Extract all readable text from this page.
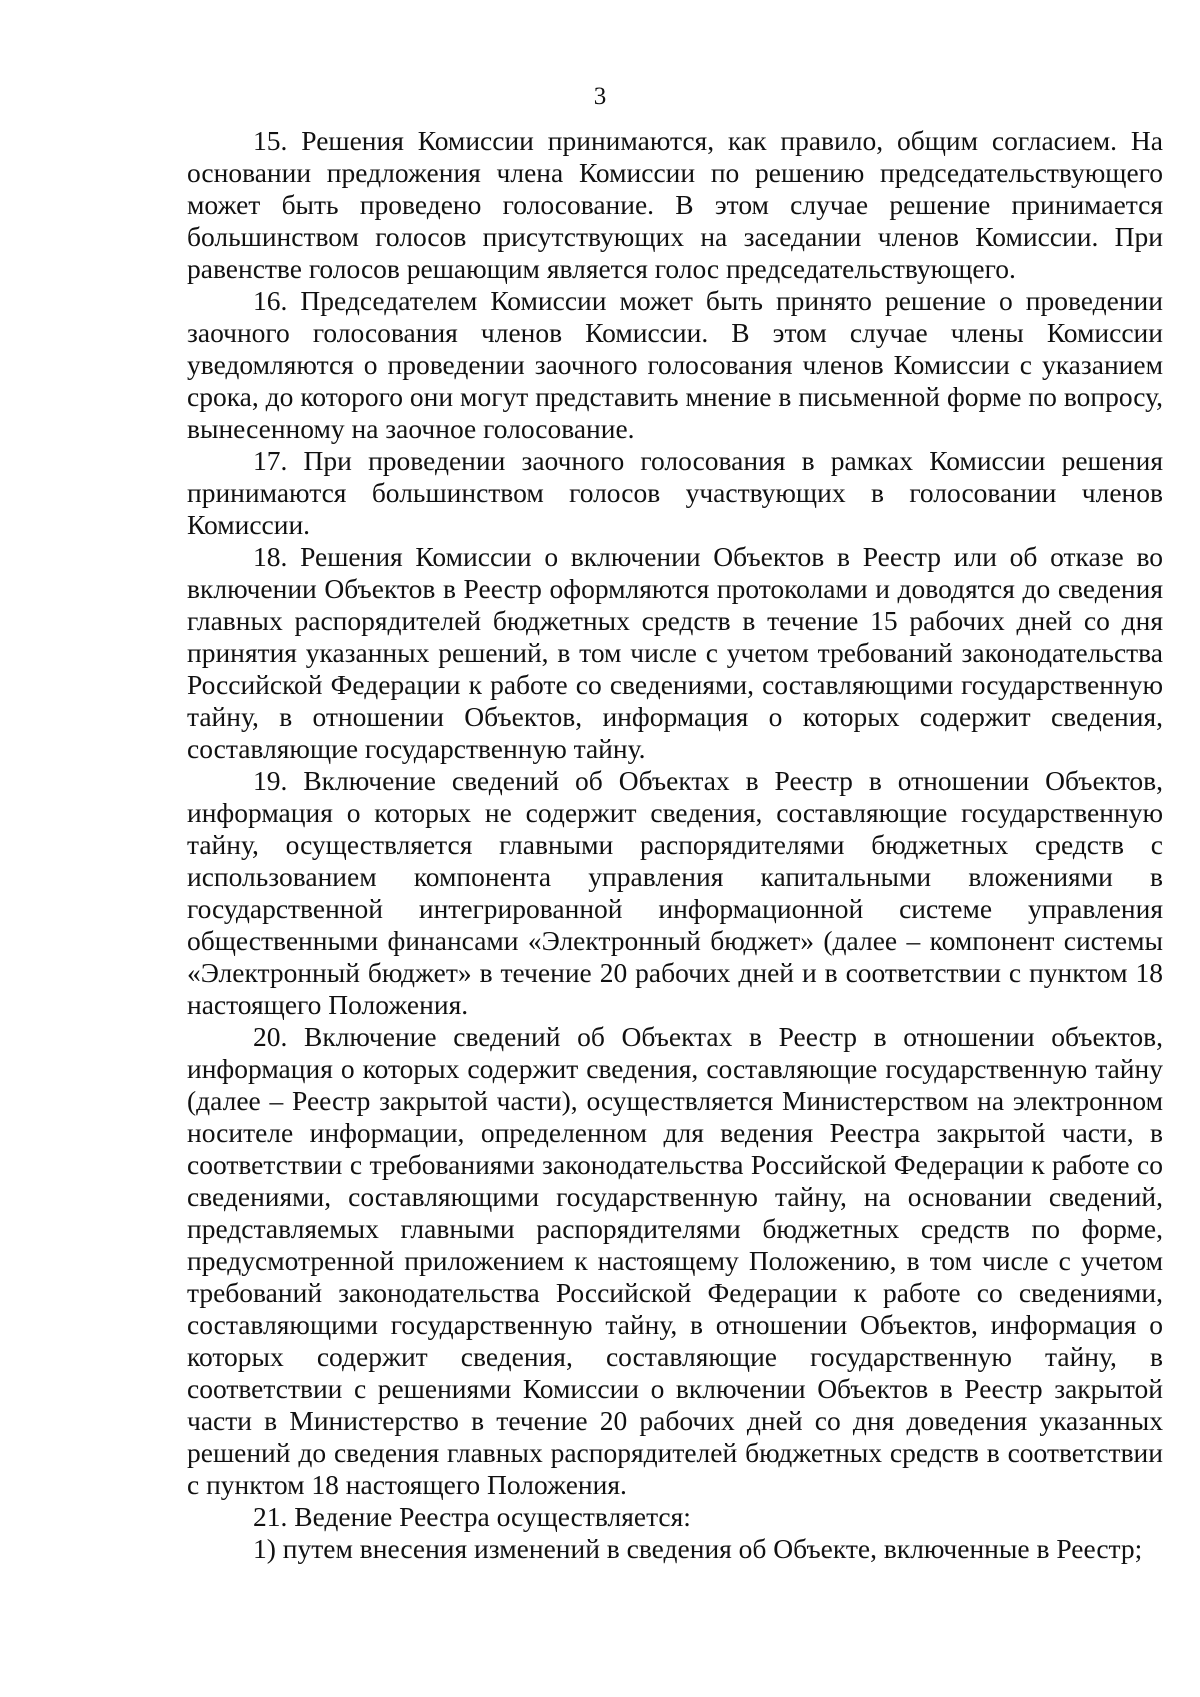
3

15. Решения Комиссии принимаются, как правило, общим согласием. На основании предложения члена Комиссии по решению председательствующего может быть проведено голосование. В этом случае решение принимается большинством голосов присутствующих на заседании членов Комиссии. При равенстве голосов решающим является голос председательствующего.

16. Председателем Комиссии может быть принято решение о проведении заочного голосования членов Комиссии. В этом случае члены Комиссии уведомляются о проведении заочного голосования членов Комиссии с указанием срока, до которого они могут представить мнение в письменной форме по вопросу, вынесенному на заочное голосование.

17. При проведении заочного голосования в рамках Комиссии решения принимаются большинством голосов участвующих в голосовании членов Комиссии.

18. Решения Комиссии о включении Объектов в Реестр или об отказе во включении Объектов в Реестр оформляются протоколами и доводятся до сведения главных распорядителей бюджетных средств в течение 15 рабочих дней со дня принятия указанных решений, в том числе с учетом требований законодательства Российской Федерации к работе со сведениями, составляющими государственную тайну, в отношении Объектов, информация о которых содержит сведения, составляющие государственную тайну.

19. Включение сведений об Объектах в Реестр в отношении Объектов, информация о которых не содержит сведения, составляющие государственную тайну, осуществляется главными распорядителями бюджетных средств с использованием компонента управления капитальными вложениями в государственной интегрированной информационной системе управления общественными финансами «Электронный бюджет» (далее – компонент системы «Электронный бюджет» в течение 20 рабочих дней и в соответствии с пунктом 18 настоящего Положения.

20. Включение сведений об Объектах в Реестр в отношении объектов, информация о которых содержит сведения, составляющие государственную тайну (далее – Реестр закрытой части), осуществляется Министерством на электронном носителе информации, определенном для ведения Реестра закрытой части, в соответствии с требованиями законодательства Российской Федерации к работе со сведениями, составляющими государственную тайну, на основании сведений, представляемых главными распорядителями бюджетных средств по форме, предусмотренной приложением к настоящему Положению, в том числе с учетом требований законодательства Российской Федерации к работе со сведениями, составляющими государственную тайну, в отношении Объектов, информация о которых содержит сведения, составляющие государственную тайну, в соответствии с решениями Комиссии о включении Объектов в Реестр закрытой части в Министерство в течение 20 рабочих дней со дня доведения указанных решений до сведения главных распорядителей бюджетных средств в соответствии с пунктом 18 настоящего Положения.

21. Ведение Реестра осуществляется:

1) путем внесения изменений в сведения об Объекте, включенные в Реестр;
